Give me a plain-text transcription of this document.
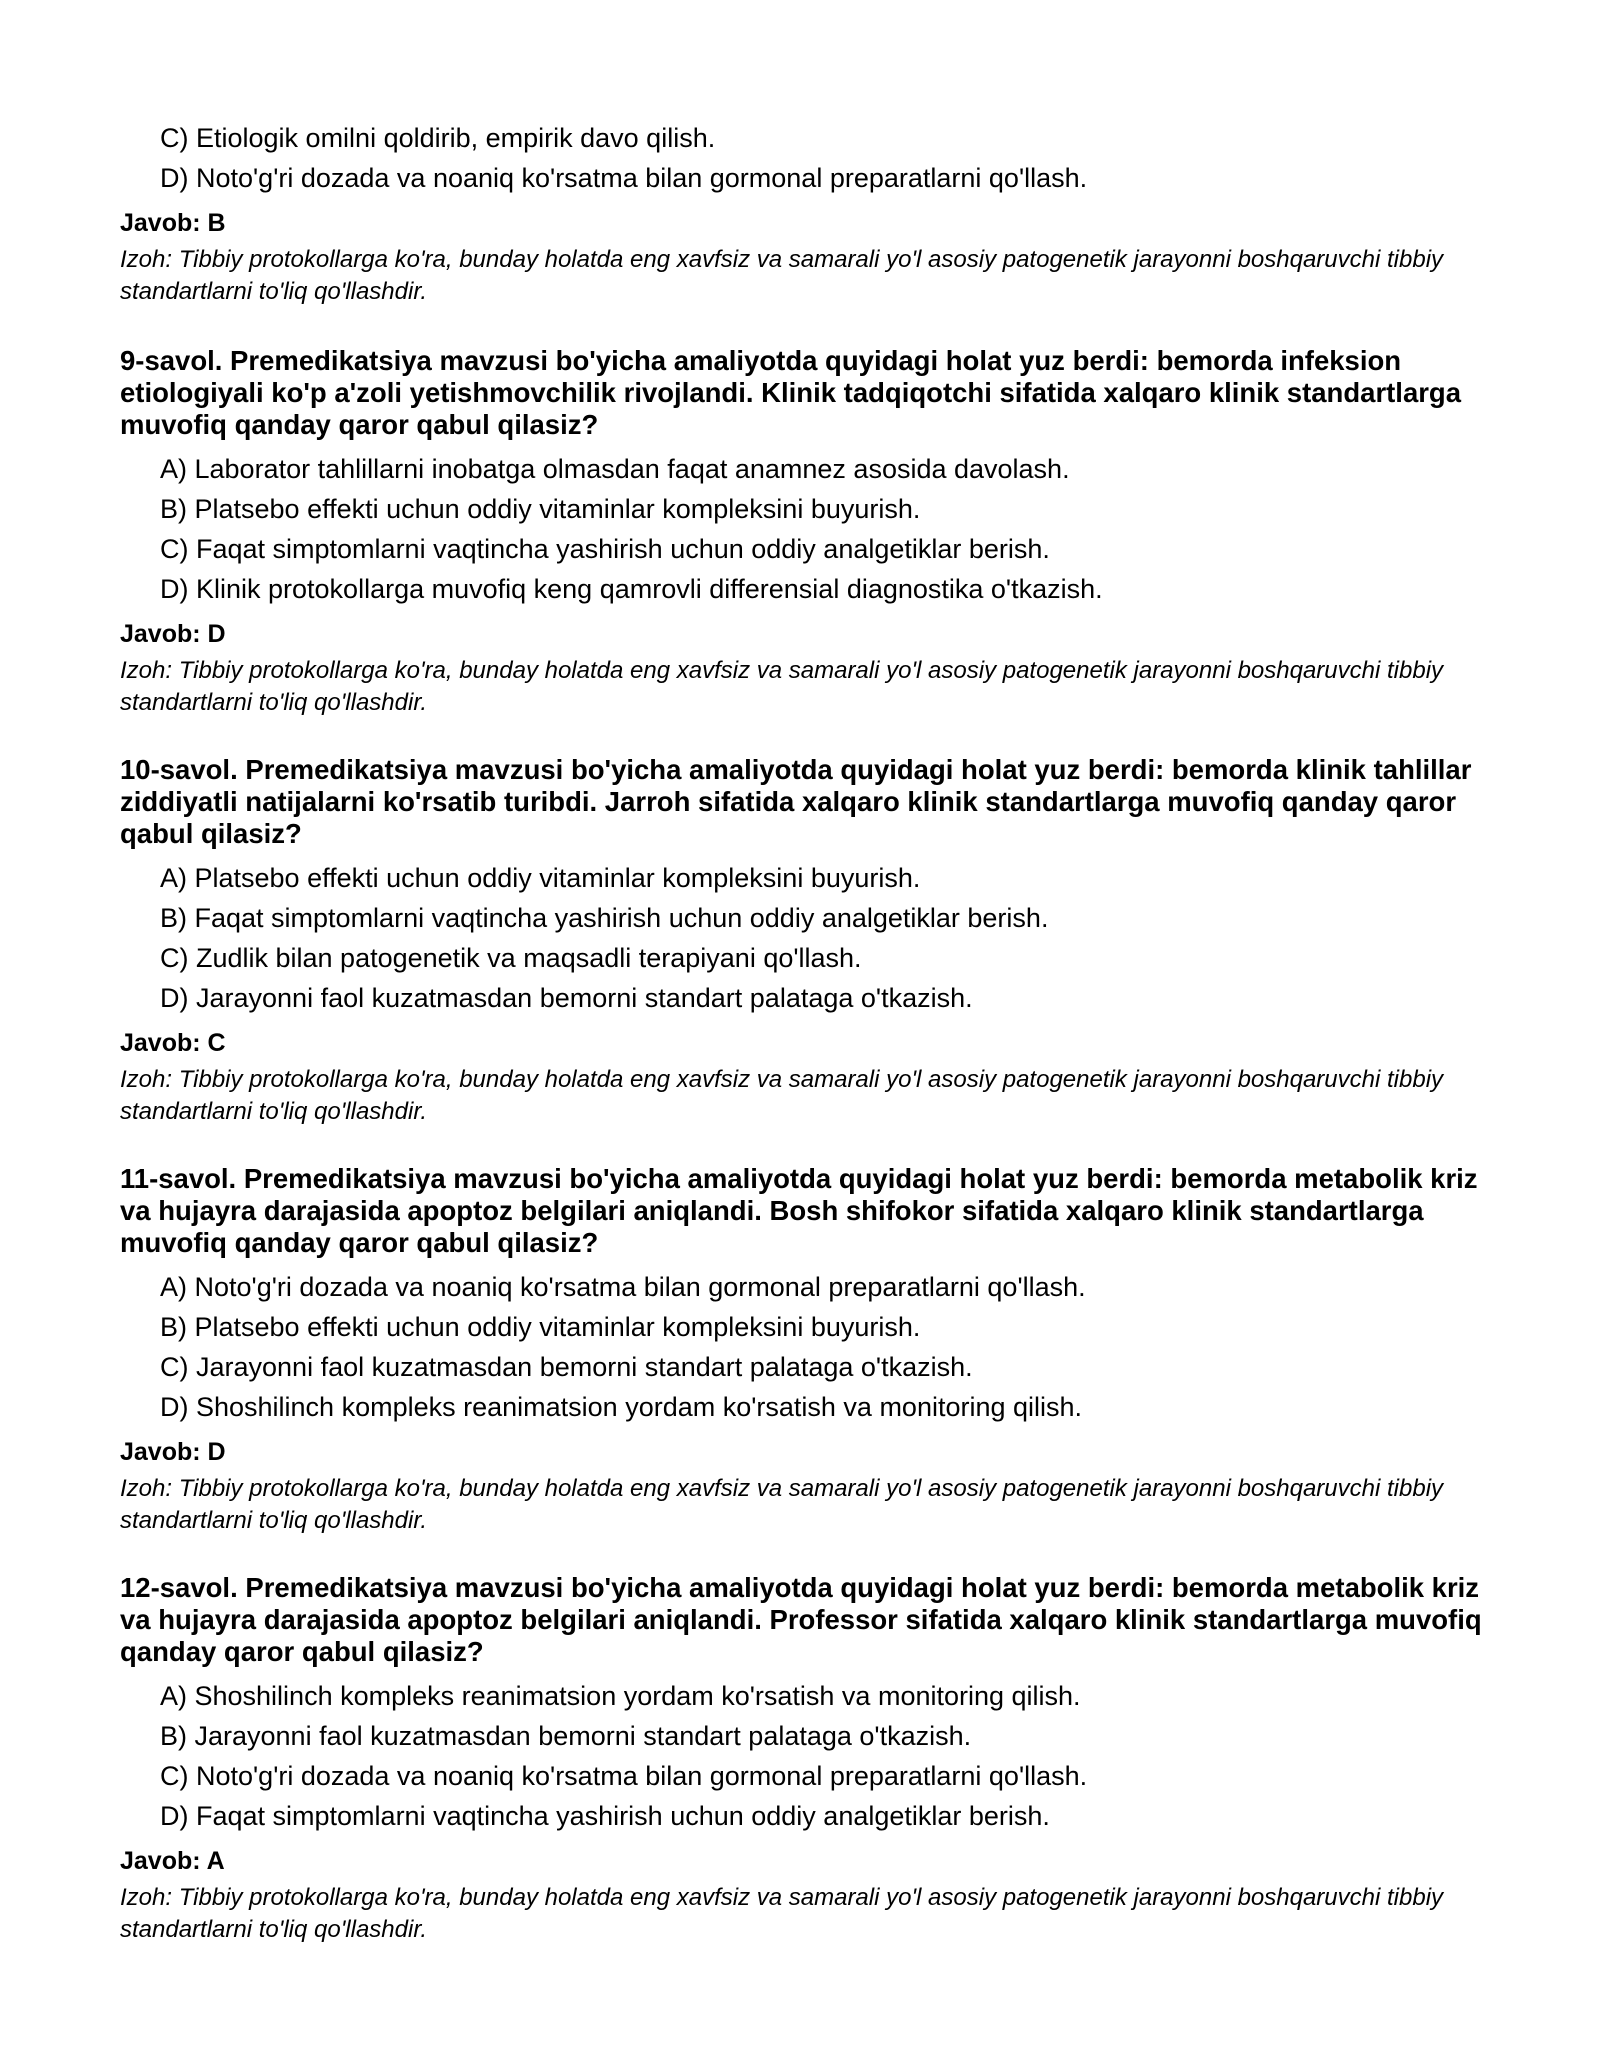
C) Etiologik omilni qoldirib, empirik davo qilish.
D) Noto'g'ri dozada va noaniq ko'rsatma bilan gormonal preparatlarni qo'llash.
Javob: B
Izoh: Tibbiy protokollarga ko'ra, bunday holatda eng xavfsiz va samarali yo'l asosiy patogenetik jarayonni boshqaruvchi tibbiy standartlarni to'liq qo'llashdir.

9-savol. Premedikatsiya mavzusi bo'yicha amaliyotda quyidagi holat yuz berdi: bemorda infeksion etiologiyali ko'p a'zoli yetishmovchilik rivojlandi. Klinik tadqiqotchi sifatida xalqaro klinik standartlarga muvofiq qanday qaror qabul qilasiz?

A) Laborator tahlillarni inobatga olmasdan faqat anamnez asosida davolash.
B) Platsebo effekti uchun oddiy vitaminlar kompleksini buyurish.
C) Faqat simptomlarni vaqtincha yashirish uchun oddiy analgetiklar berish.
D) Klinik protokollarga muvofiq keng qamrovli differensial diagnostika o'tkazish.
Javob: D
Izoh: Tibbiy protokollarga ko'ra, bunday holatda eng xavfsiz va samarali yo'l asosiy patogenetik jarayonni boshqaruvchi tibbiy standartlarni to'liq qo'llashdir.

10-savol. Premedikatsiya mavzusi bo'yicha amaliyotda quyidagi holat yuz berdi: bemorda klinik tahlillar ziddiyatli natijalarni ko'rsatib turibdi. Jarroh sifatida xalqaro klinik standartlarga muvofiq qanday qaror qabul qilasiz?

A) Platsebo effekti uchun oddiy vitaminlar kompleksini buyurish.
B) Faqat simptomlarni vaqtincha yashirish uchun oddiy analgetiklar berish.
C) Zudlik bilan patogenetik va maqsadli terapiyani qo'llash.
D) Jarayonni faol kuzatmasdan bemorni standart palataga o'tkazish.
Javob: C
Izoh: Tibbiy protokollarga ko'ra, bunday holatda eng xavfsiz va samarali yo'l asosiy patogenetik jarayonni boshqaruvchi tibbiy standartlarni to'liq qo'llashdir.

11-savol. Premedikatsiya mavzusi bo'yicha amaliyotda quyidagi holat yuz berdi: bemorda metabolik kriz va hujayra darajasida apoptoz belgilari aniqlandi. Bosh shifokor sifatida xalqaro klinik standartlarga muvofiq qanday qaror qabul qilasiz?

A) Noto'g'ri dozada va noaniq ko'rsatma bilan gormonal preparatlarni qo'llash.
B) Platsebo effekti uchun oddiy vitaminlar kompleksini buyurish.
C) Jarayonni faol kuzatmasdan bemorni standart palataga o'tkazish.
D) Shoshilinch kompleks reanimatsion yordam ko'rsatish va monitoring qilish.
Javob: D
Izoh: Tibbiy protokollarga ko'ra, bunday holatda eng xavfsiz va samarali yo'l asosiy patogenetik jarayonni boshqaruvchi tibbiy standartlarni to'liq qo'llashdir.

12-savol. Premedikatsiya mavzusi bo'yicha amaliyotda quyidagi holat yuz berdi: bemorda metabolik kriz va hujayra darajasida apoptoz belgilari aniqlandi. Professor sifatida xalqaro klinik standartlarga muvofiq qanday qaror qabul qilasiz?

A) Shoshilinch kompleks reanimatsion yordam ko'rsatish va monitoring qilish.
B) Jarayonni faol kuzatmasdan bemorni standart palataga o'tkazish.
C) Noto'g'ri dozada va noaniq ko'rsatma bilan gormonal preparatlarni qo'llash.
D) Faqat simptomlarni vaqtincha yashirish uchun oddiy analgetiklar berish.
Javob: A
Izoh: Tibbiy protokollarga ko'ra, bunday holatda eng xavfsiz va samarali yo'l asosiy patogenetik jarayonni boshqaruvchi tibbiy standartlarni to'liq qo'llashdir.
